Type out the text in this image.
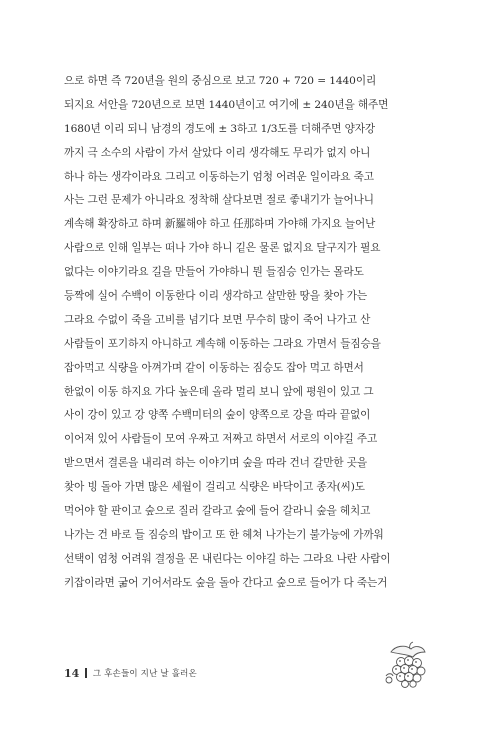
으로 하면 즉 720년을 원의 중심으로 보고 720 + 720 = 1440이리
되지요 서안을 720년으로 보면 1440년이고 여기에 ± 240년을 해주면
1680년 이리 되니 남경의 경도에 ± 3하고 1/3도를 더해주면 양자강
까지 극 소수의 사람이 가서 살았다 이리 생각해도 무리가 없지 아니
하나 하는 생각이라요 그리고 이동하는기 엄청 어려운 일이라요 죽고
사는 그런 문제가 아니라요 정착해 살다보면 절로 좋내기가 늘어나니
계속해 확장하고 하며 新羅해야 하고 任那하며 가야해 가지요 늘어난
사람으로 인해 일부는 떠나 가야 하니 깉은 물론 없지요 달구지가 필요
없다는 이야기라요 길을 만들어 가야하니 뭔 들짐승 인가는 몰라도
등짝에 실어 수백이 이동한다 이리 생각하고 살만한 땅을 찾아 가는
그라요 수없이 죽을 고비를 넘기다 보면 무수히 많이 죽어 나가고 산
사람들이 포기하지 아니하고 계속해 이동하는 그라요 가면서 들짐승을
잡아먹고 식량을 아껴가며 같이 이동하는 짐승도 잡아 먹고 하면서
한없이 이동 하지요 가다 높은데 올라 멀리 보니 앞에 평원이 있고 그
사이 강이 있고 강 양쪽 수백미터의 숲이 양쪽으로 강을 따라 끝없이
이어져 있어 사람들이 모여 우짜고 저짜고 하면서 서로의 이야길 주고
받으면서 결론을 내리려 하는 이야기며 숲을 따라 건너 갈만한 곳을
찾아 빙 돌아 가면 많은 세월이 걸리고 식량은 바닥이고 종자(씨)도
먹어야 할 판이고 숲으로 질러 갈라고 숲에 들어 갈라니 숲을 헤치고
나가는 건 바로 들 짐승의 밥이고 또 한 헤쳐 나가는기 불가능에 가까워
선택이 엄청 어려워 결정을 몬 내린다는 이야길 하는 그라요 나란 사람이
키잡이라면 굶어 기어서라도 숲을 돌아 간다고 숲으로 들어가 다 죽는거
14 그 후손들이 지난 날 흘러온
